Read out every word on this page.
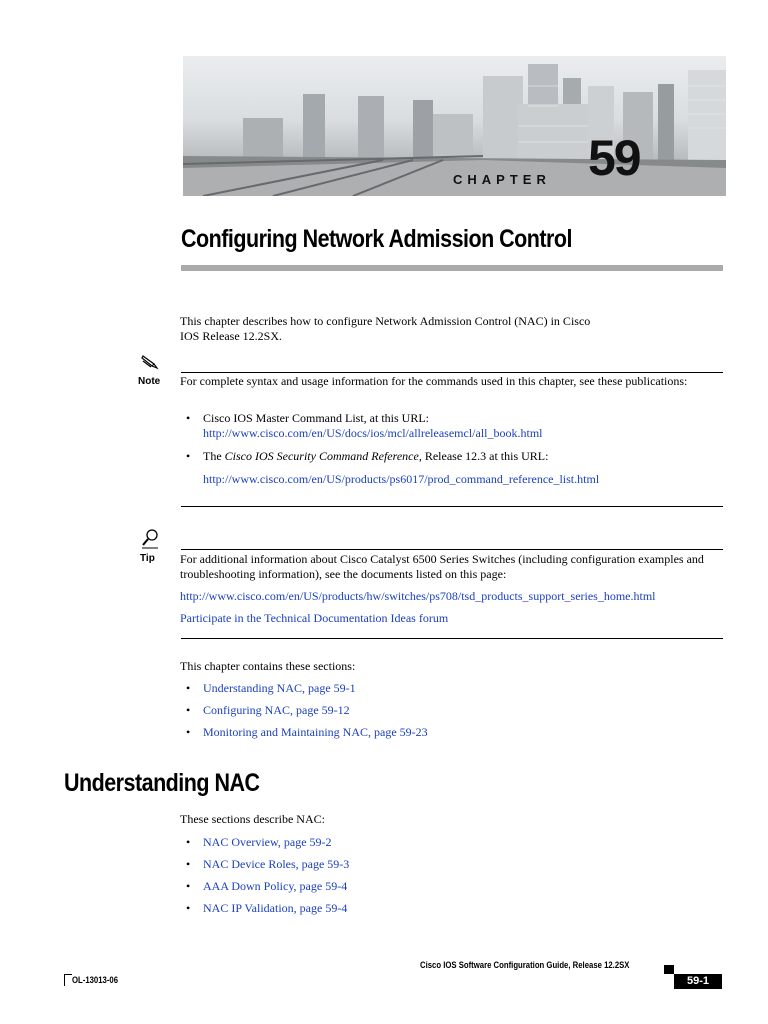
CHAPTER 59
Configuring Network Admission Control
This chapter describes how to configure Network Admission Control (NAC) in Cisco IOS Release 12.2SX.
Note For complete syntax and usage information for the commands used in this chapter, see these publications:
• Cisco IOS Master Command List, at this URL:
http://www.cisco.com/en/US/docs/ios/mcl/allreleasemcl/all_book.html
• The Cisco IOS Security Command Reference, Release 12.3 at this URL:
http://www.cisco.com/en/US/products/ps6017/prod_command_reference_list.html
Tip For additional information about Cisco Catalyst 6500 Series Switches (including configuration examples and troubleshooting information), see the documents listed on this page:
http://www.cisco.com/en/US/products/hw/switches/ps708/tsd_products_support_series_home.html
Participate in the Technical Documentation Ideas forum
This chapter contains these sections:
• Understanding NAC, page 59-1
• Configuring NAC, page 59-12
• Monitoring and Maintaining NAC, page 59-23
Understanding NAC
These sections describe NAC:
• NAC Overview, page 59-2
• NAC Device Roles, page 59-3
• AAA Down Policy, page 59-4
• NAC IP Validation, page 59-4
Cisco IOS Software Configuration Guide, Release 12.2SX
OL-13013-06	59-1
